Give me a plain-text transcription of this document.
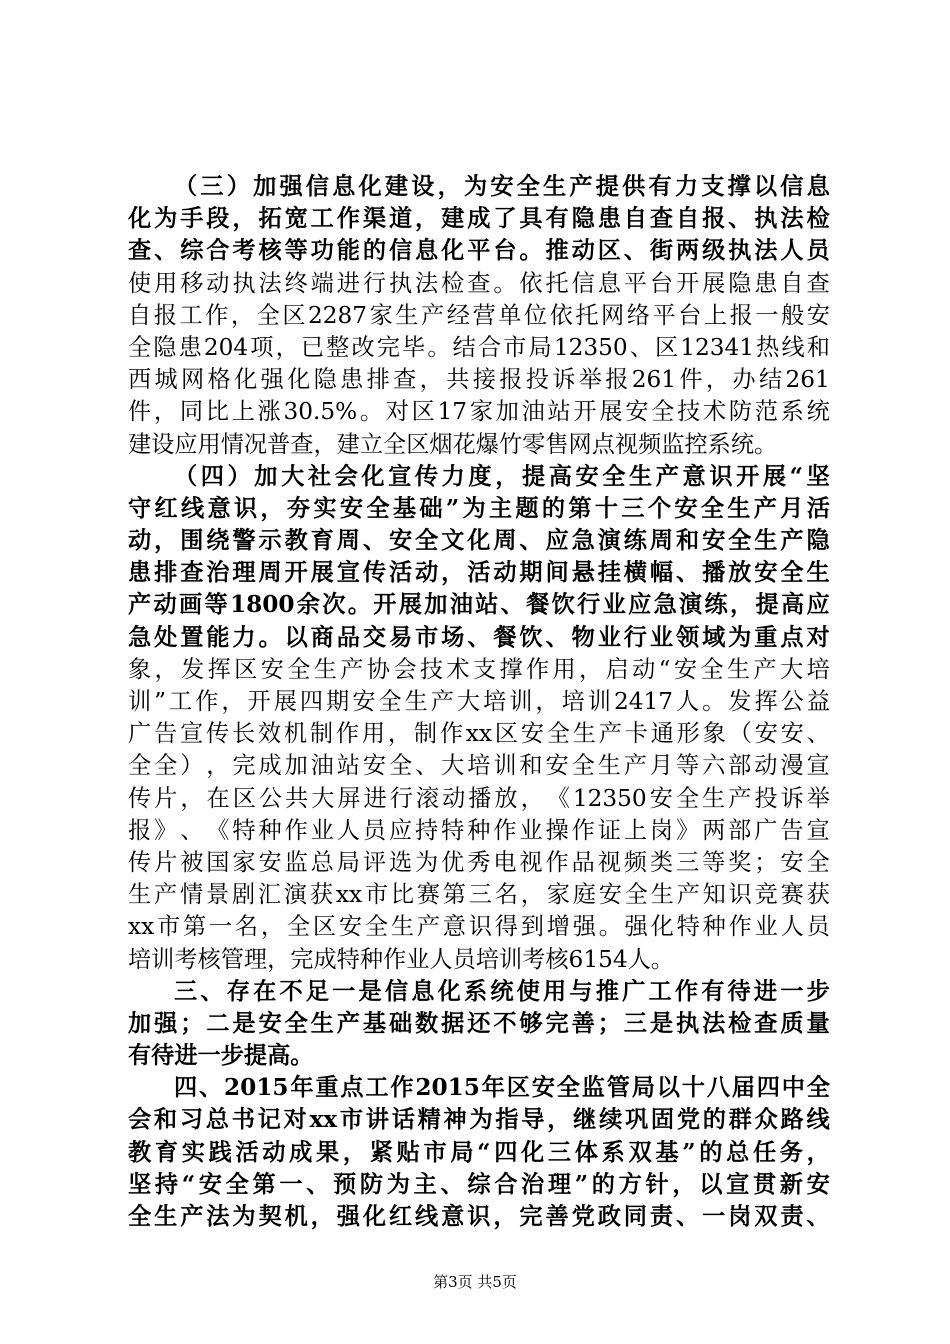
（ 三 ） 加 强 信 息 化 建 设 ， 为 安 全 生 产 提 供 有 力 支 撑 以 信 息
化 为 手 段 ， 拓 宽 工 作 渠 道 ， 建 成 了 具 有 隐 患 自 查 自 报 、 执 法 检
查 、 综 合 考 核 等 功 能 的 信 息 化 平 台 。 推 动 区 、 街 两 级 执 法 人 员
使 用 移 动 执 法 终 端 进 行 执 法 检 查 。 依 托 信 息 平 台 开 展 隐 患 自 查
自 报 工 作 ， 全 区 2287 家 生 产 经 营 单 位 依 托 网 络 平 台 上 报 一 般 安
全 隐 患 204 项 ， 已 整 改 完 毕 。 结 合 市 局 12350 、 区 12341 热 线 和
西 城 网 格 化 强 化 隐 患 排 查 ， 共 接 报 投 诉 举 报 261 件 ， 办 结 261
件 ， 同 比 上 涨 30.5% 。 对 区 17 家 加 油 站 开 展 安 全 技 术 防 范 系 统
建设应用情况普查，建立全区烟花爆竹零售网点视频监控系统。
（ 四 ） 加 大 社 会 化 宣 传 力 度 ， 提 高 安 全 生 产 意 识 开 展 “ 坚
守 红 线 意 识 ， 夯 实 安 全 基 础 ” 为 主 题 的 第 十 三 个 安 全 生 产 月 活
动 ， 围 绕 警 示 教 育 周 、 安 全 文 化 周 、 应 急 演 练 周 和 安 全 生 产 隐
患 排 查 治 理 周 开 展 宣 传 活 动 ， 活 动 期 间 悬 挂 横 幅 、 播 放 安 全 生
产 动 画 等 1800 余 次 。 开 展 加 油 站 、 餐 饮 行 业 应 急 演 练 ， 提 高 应
急 处 置 能 力 。 以 商 品 交 易 市 场 、 餐 饮 、 物 业 行 业 领 域 为 重 点 对
象 ， 发 挥 区 安 全 生 产 协 会 技 术 支 撑 作 用 ， 启 动 “ 安 全 生 产 大 培
训 ” 工 作 ， 开 展 四 期 安 全 生 产 大 培 训 ， 培 训 2417 人 。 发 挥 公 益
广 告 宣 传 长 效 机 制 作 用 ， 制 作 xx 区 安 全 生 产 卡 通 形 象 （ 安 安 、
全 全 ） ， 完 成 加 油 站 安 全 、 大 培 训 和 安 全 生 产 月 等 六 部 动 漫 宣
传 片 ， 在 区 公 共 大 屏 进 行 滚 动 播 放 ， 《 12350 安 全 生 产 投 诉 举
报 》 、 《 特 种 作 业 人 员 应 持 特 种 作 业 操 作 证 上 岗 》 两 部 广 告 宣
传 片 被 国 家 安 监 总 局 评 选 为 优 秀 电 视 作 品 视 频 类 三 等 奖 ； 安 全
生 产 情 景 剧 汇 演 获 xx 市 比 赛 第 三 名 ， 家 庭 安 全 生 产 知 识 竞 赛 获
xx 市 第 一 名 ， 全 区 安 全 生 产 意 识 得 到 增 强 。 强 化 特 种 作 业 人 员
培训考核管理，完成特种作业人员培训考核6154人。
三 、 存 在 不 足 一 是 信 息 化 系 统 使 用 与 推 广 工 作 有 待 进 一 步
加 强 ； 二 是 安 全 生 产 基 础 数 据 还 不 够 完 善 ； 三 是 执 法 检 查 质 量
有待进一步提高。
四 、 2015 年 重 点 工 作 2015 年 区 安 全 监 管 局 以 十 八 届 四 中 全
会 和 习 总 书 记 对 xx 市 讲 话 精 神 为 指 导 ， 继 续 巩 固 党 的 群 众 路 线
教 育 实 践 活 动 成 果 ， 紧 贴 市 局 “ 四 化 三 体 系 双 基 ” 的 总 任 务 ，
坚 持 “ 安 全 第 一 、 预 防 为 主 、 综 合 治 理 ” 的 方 针 ， 以 宣 贯 新 安
全 生 产 法 为 契 机 ， 强 化 红 线 意 识 ， 完 善 党 政 同 责 、 一 岗 双 责 、
第3页 共5页
